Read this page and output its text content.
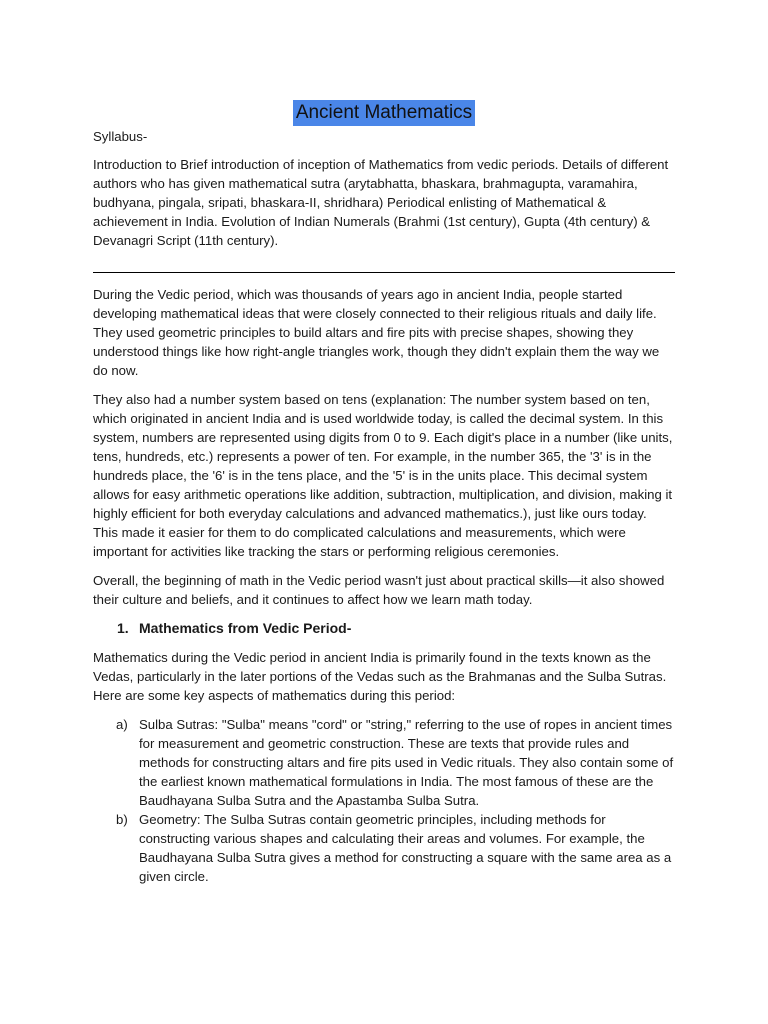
Ancient Mathematics

Syllabus-

Introduction to Brief introduction of inception of Mathematics from vedic periods. Details of different authors who has given mathematical sutra (arytabhatta, bhaskara, brahmagupta, varamahira, budhyana, pingala, sripati, bhaskara-II, shridhara) Periodical enlisting of Mathematical & achievement in India. Evolution of Indian Numerals (Brahmi (1st century), Gupta (4th century) & Devanagri Script (11th century).

During the Vedic period, which was thousands of years ago in ancient India, people started developing mathematical ideas that were closely connected to their religious rituals and daily life. They used geometric principles to build altars and fire pits with precise shapes, showing they understood things like how right-angle triangles work, though they didn't explain them the way we do now.

They also had a number system based on tens (explanation: The number system based on ten, which originated in ancient India and is used worldwide today, is called the decimal system. In this system, numbers are represented using digits from 0 to 9. Each digit's place in a number (like units, tens, hundreds, etc.) represents a power of ten. For example, in the number 365, the '3' is in the hundreds place, the '6' is in the tens place, and the '5' is in the units place. This decimal system allows for easy arithmetic operations like addition, subtraction, multiplication, and division, making it highly efficient for both everyday calculations and advanced mathematics.), just like ours today. This made it easier for them to do complicated calculations and measurements, which were important for activities like tracking the stars or performing religious ceremonies.

Overall, the beginning of math in the Vedic period wasn't just about practical skills—it also showed their culture and beliefs, and it continues to affect how we learn math today.

1. Mathematics from Vedic Period-

Mathematics during the Vedic period in ancient India is primarily found in the texts known as the Vedas, particularly in the later portions of the Vedas such as the Brahmanas and the Sulba Sutras. Here are some key aspects of mathematics during this period:

a) Sulba Sutras: "Sulba" means "cord" or "string," referring to the use of ropes in ancient times for measurement and geometric construction. These are texts that provide rules and methods for constructing altars and fire pits used in Vedic rituals. They also contain some of the earliest known mathematical formulations in India. The most famous of these are the Baudhayana Sulba Sutra and the Apastamba Sulba Sutra.
b) Geometry: The Sulba Sutras contain geometric principles, including methods for constructing various shapes and calculating their areas and volumes. For example, the Baudhayana Sulba Sutra gives a method for constructing a square with the same area as a given circle.
